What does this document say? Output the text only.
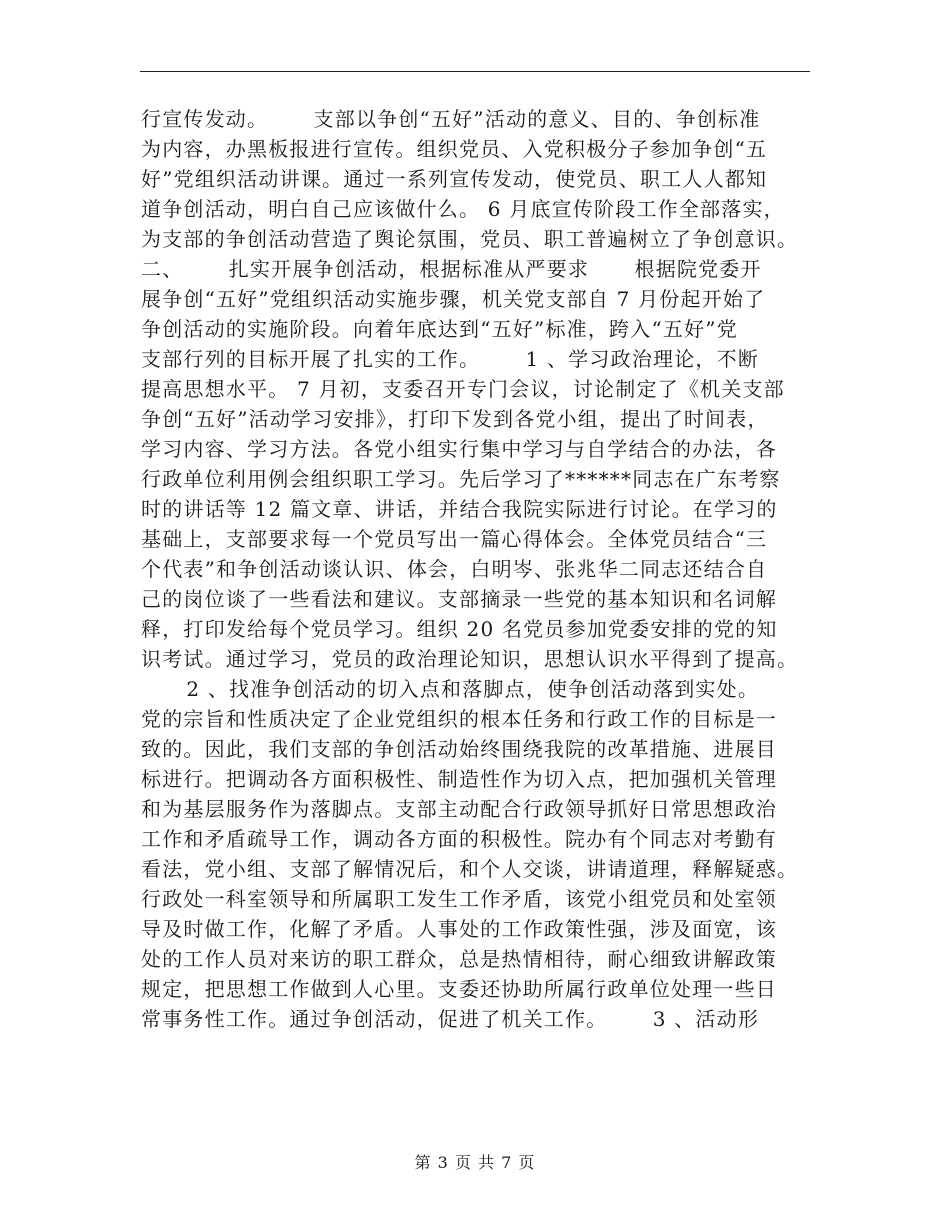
行宣传发动。      支部以争创“五好”活动的意义、目的、争创标准
为内容，办黑板报进行宣传。组织党员、入党积极分子参加争创“五
好”党组织活动讲课。通过一系列宣传发动，使党员、职工人人都知
道争创活动，明白自己应该做什么。 6 月底宣传阶段工作全部落实，
为支部的争创活动营造了舆论氛围，党员、职工普遍树立了争创意识。
二、      扎实开展争创活动，根据标准从严要求      根据院党委开
展争创“五好”党组织活动实施步骤，机关党支部自 7 月份起开始了
争创活动的实施阶段。向着年底达到“五好”标准，跨入“五好”党
支部行列的目标开展了扎实的工作。      1 、学习政治理论，不断
提高思想水平。 7 月初，支委召开专门会议，讨论制定了《机关支部
争创“五好”活动学习安排》，打印下发到各党小组，提出了时间表，
学习内容、学习方法。各党小组实行集中学习与自学结合的办法，各
行政单位利用例会组织职工学习。先后学习了******同志在广东考察
时的讲话等 12 篇文章、讲话，并结合我院实际进行讨论。在学习的
基础上，支部要求每一个党员写出一篇心得体会。全体党员结合“三
个代表”和争创活动谈认识、体会，白明岑、张兆华二同志还结合自
己的岗位谈了一些看法和建议。支部摘录一些党的基本知识和名词解
释，打印发给每个党员学习。组织 20 名党员参加党委安排的党的知
识考试。通过学习，党员的政治理论知识，思想认识水平得到了提高。
2 、找准争创活动的切入点和落脚点，使争创活动落到实处。
党的宗旨和性质决定了企业党组织的根本任务和行政工作的目标是一
致的。因此，我们支部的争创活动始终围绕我院的改革措施、进展目
标进行。把调动各方面积极性、制造性作为切入点，把加强机关管理
和为基层服务作为落脚点。支部主动配合行政领导抓好日常思想政治
工作和矛盾疏导工作，调动各方面的积极性。院办有个同志对考勤有
看法，党小组、支部了解情况后，和个人交谈，讲请道理，释解疑惑。
行政处一科室领导和所属职工发生工作矛盾，该党小组党员和处室领
导及时做工作，化解了矛盾。人事处的工作政策性强，涉及面宽，该
处的工作人员对来访的职工群众，总是热情相待，耐心细致讲解政策
规定，把思想工作做到人心里。支委还协助所属行政单位处理一些日
常事务性工作。通过争创活动，促进了机关工作。      3 、活动形
第 3 页 共 7 页
